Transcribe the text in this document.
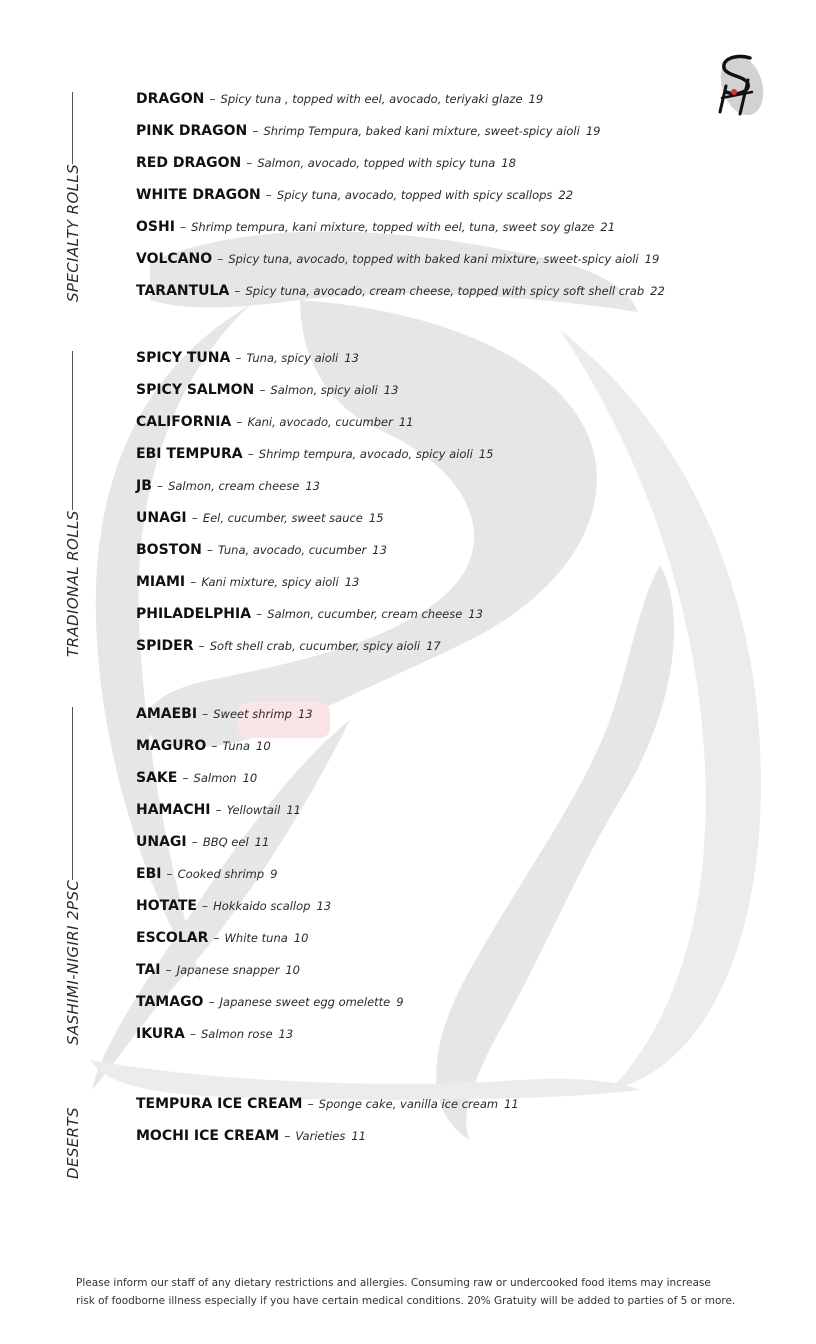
SPECIALTY ROLLS
DRAGON – Spicy tuna , topped with eel, avocado, teriyaki glaze 19
PINK DRAGON – Shrimp Tempura, baked kani mixture, sweet-spicy aioli 19
RED DRAGON – Salmon, avocado, topped with spicy tuna 18
WHITE DRAGON – Spicy tuna, avocado, topped with spicy scallops 22
OSHI – Shrimp tempura, kani mixture, topped with eel, tuna, sweet soy glaze 21
VOLCANO – Spicy tuna, avocado, topped with baked kani mixture, sweet-spicy aioli 19
TARANTULA – Spicy tuna, avocado, cream cheese, topped with spicy soft shell crab 22
TRADIONAL ROLLS
SPICY TUNA – Tuna, spicy aioli 13
SPICY SALMON – Salmon, spicy aioli 13
CALIFORNIA – Kani, avocado, cucumber 11
EBI TEMPURA – Shrimp tempura, avocado, spicy aioli 15
JB – Salmon, cream cheese 13
UNAGI – Eel, cucumber, sweet sauce 15
BOSTON – Tuna, avocado, cucumber 13
MIAMI – Kani mixture, spicy aioli 13
PHILADELPHIA – Salmon, cucumber, cream cheese 13
SPIDER – Soft shell crab, cucumber, spicy aioli 17
SASHIMI-NIGIRI 2PSC
AMAEBI – Sweet shrimp 13
MAGURO – Tuna 10
SAKE – Salmon 10
HAMACHI – Yellowtail 11
UNAGI – BBQ eel 11
EBI – Cooked shrimp 9
HOTATE – Hokkaido scallop 13
ESCOLAR – White tuna 10
TAI – Japanese snapper 10
TAMAGO – Japanese sweet egg omelette 9
IKURA – Salmon rose 13
DESERTS
TEMPURA ICE CREAM – Sponge cake, vanilla ice cream 11
MOCHI ICE CREAM – Varieties 11
Please inform our staff of any dietary restrictions and allergies. Consuming raw or undercooked food items may increase
risk of foodborne illness especially if you have certain medical conditions. 20% Gratuity will be added to parties of 5 or more.
